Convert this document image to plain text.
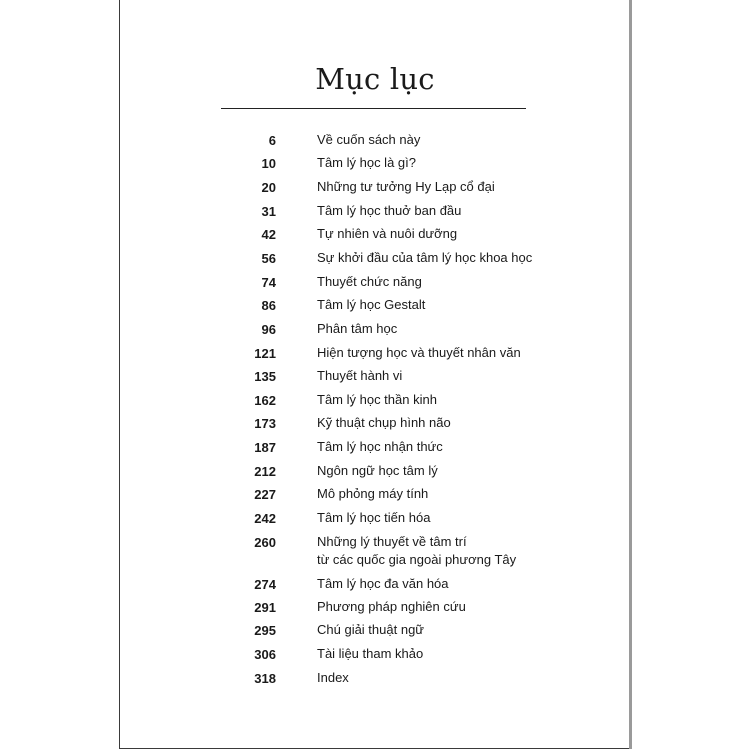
Mục lục
6	Về cuốn sách này
10	Tâm lý học là gì?
20	Những tư tưởng Hy Lạp cổ đại
31	Tâm lý học thuở ban đầu
42	Tự nhiên và nuôi dưỡng
56	Sự khởi đầu của tâm lý học khoa học
74	Thuyết chức năng
86	Tâm lý học Gestalt
96	Phân tâm học
121	Hiện tượng học và thuyết nhân văn
135	Thuyết hành vi
162	Tâm lý học thần kinh
173	Kỹ thuật chụp hình não
187	Tâm lý học nhận thức
212	Ngôn ngữ học tâm lý
227	Mô phỏng máy tính
242	Tâm lý học tiến hóa
260	Những lý thuyết về tâm trí
từ các quốc gia ngoài phương Tây
274	Tâm lý học đa văn hóa
291	Phương pháp nghiên cứu
295	Chú giải thuật ngữ
306	Tài liệu tham khảo
318	Index
